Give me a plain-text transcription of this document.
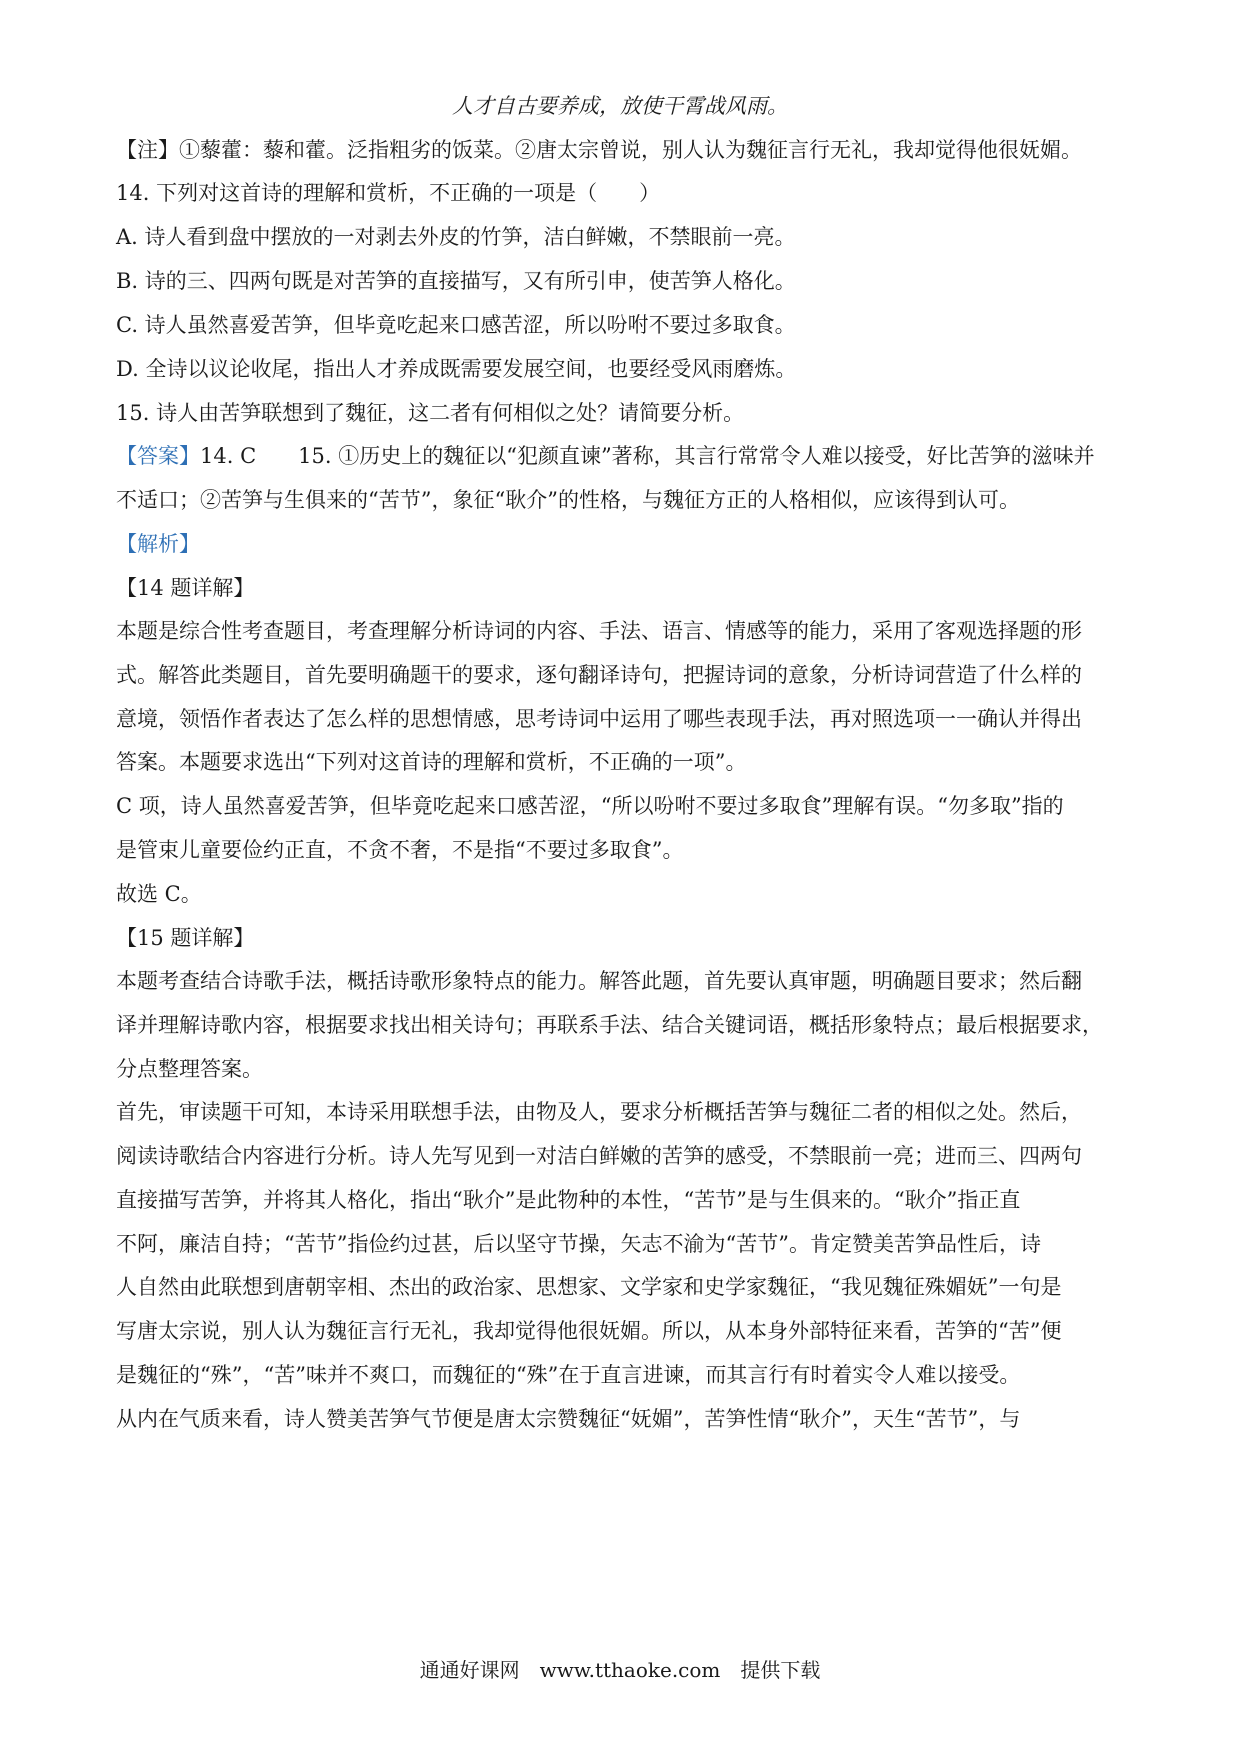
人才自古要养成，放使干霄战风雨。
【注】①藜藿：藜和藿。泛指粗劣的饭菜。②唐太宗曾说，别人认为魏征言行无礼，我却觉得他很妩媚。
14. 下列对这首诗的理解和赏析，不正确的一项是（　　）
A. 诗人看到盘中摆放的一对剥去外皮的竹笋，洁白鲜嫩，不禁眼前一亮。
B. 诗的三、四两句既是对苦笋的直接描写，又有所引申，使苦笋人格化。
C. 诗人虽然喜爱苦笋，但毕竟吃起来口感苦涩，所以吩咐不要过多取食。
D. 全诗以议论收尾，指出人才养成既需要发展空间，也要经受风雨磨炼。
15. 诗人由苦笋联想到了魏征，这二者有何相似之处？请简要分析。
【答案】14. C　　15. ①历史上的魏征以“犯颜直谏”著称，其言行常常令人难以接受，好比苦笋的滋味并
不适口；②苦笋与生俱来的“苦节”，象征“耿介”的性格，与魏征方正的人格相似，应该得到认可。
【解析】
【14 题详解】
本题是综合性考查题目，考查理解分析诗词的内容、手法、语言、情感等的能力，采用了客观选择题的形
式。解答此类题目，首先要明确题干的要求，逐句翻译诗句，把握诗词的意象，分析诗词营造了什么样的
意境，领悟作者表达了怎么样的思想情感，思考诗词中运用了哪些表现手法，再对照选项一一确认并得出
答案。本题要求选出“下列对这首诗的理解和赏析，不正确的一项”。
C 项，诗人虽然喜爱苦笋，但毕竟吃起来口感苦涩，“所以吩咐不要过多取食”理解有误。“勿多取”指的
是管束儿童要俭约正直，不贪不奢，不是指“不要过多取食”。
故选 C。
【15 题详解】
本题考查结合诗歌手法，概括诗歌形象特点的能力。解答此题，首先要认真审题，明确题目要求；然后翻
译并理解诗歌内容，根据要求找出相关诗句；再联系手法、结合关键词语，概括形象特点；最后根据要求，
分点整理答案。
首先，审读题干可知，本诗采用联想手法，由物及人，要求分析概括苦笋与魏征二者的相似之处。然后，
阅读诗歌结合内容进行分析。诗人先写见到一对洁白鲜嫩的苦笋的感受，不禁眼前一亮；进而三、四两句
直接描写苦笋，并将其人格化，指出“耿介”是此物种的本性，“苦节”是与生俱来的。“耿介”指正直
不阿，廉洁自持；“苦节”指俭约过甚，后以坚守节操，矢志不渝为“苦节”。肯定赞美苦笋品性后，诗
人自然由此联想到唐朝宰相、杰出的政治家、思想家、文学家和史学家魏征，“我见魏征殊媚妩”一句是
写唐太宗说，别人认为魏征言行无礼，我却觉得他很妩媚。所以，从本身外部特征来看，苦笋的“苦”便
是魏征的“殊”，“苦”味并不爽口，而魏征的“殊”在于直言进谏，而其言行有时着实令人难以接受。
从内在气质来看，诗人赞美苦笋气节便是唐太宗赞魏征“妩媚”，苦笋性情“耿介”，天生“苦节”，与
通通好课网　www.tthaoke.com　提供下载
